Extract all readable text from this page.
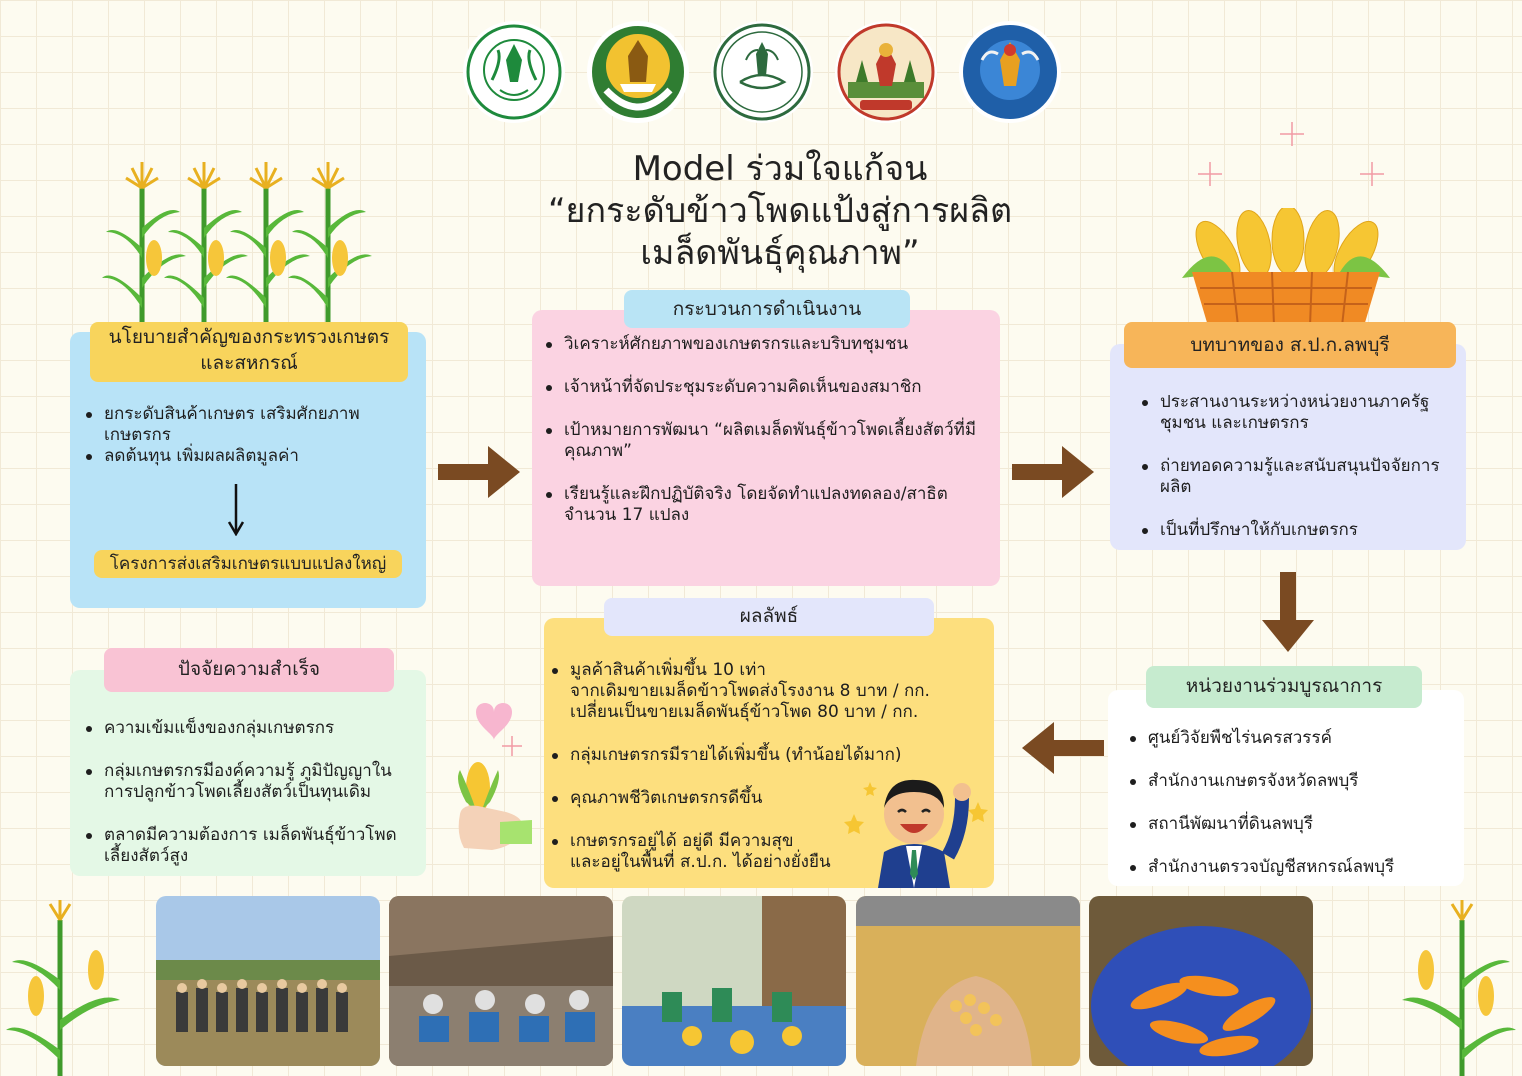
Model ร่วมใจแก้จน
“ยกระดับข้าวโพดแป้งสู่การผลิต
เมล็ดพันธุ์คุณภาพ”
นโยบายสำคัญของกระทรวงเกษตร
และสหกรณ์
ยกระดับสินค้าเกษตร เสริมศักยภาพเกษตรกร
ลดต้นทุน เพิ่มผลผลิตมูลค่า
โครงการส่งเสริมเกษตรแบบแปลงใหญ่
กระบวนการดำเนินงาน
วิเคราะห์ศักยภาพของเกษตรกรและบริบทชุมชน
เจ้าหน้าที่จัดประชุมระดับความคิดเห็นของสมาชิก
เป้าหมายการพัฒนา “ผลิตเมล็ดพันธุ์ข้าวโพดเลี้ยงสัตว์ที่มีคุณภาพ”
เรียนรู้และฝึกปฏิบัติจริง โดยจัดทำแปลงทดลอง/สาธิต จำนวน 17 แปลง
บทบาทของ ส.ป.ก.ลพบุรี
ประสานงานระหว่างหน่วยงานภาครัฐ ชุมชน และเกษตรกร
ถ่ายทอดความรู้และสนับสนุนปัจจัยการผลิต
เป็นที่ปรึกษาให้กับเกษตรกร
หน่วยงานร่วมบูรณาการ
ศูนย์วิจัยพืชไร่นครสวรรค์
สำนักงานเกษตรจังหวัดลพบุรี
สถานีพัฒนาที่ดินลพบุรี
สำนักงานตรวจบัญชีสหกรณ์ลพบุรี
ผลลัพธ์
มูลค้าสินค้าเพิ่มขึ้น 10 เท่า
จากเดิมขายเมล็ดข้าวโพดส่งโรงงาน 8 บาท / กก.
เปลี่ยนเป็นขายเมล็ดพันธุ์ข้าวโพด 80 บาท / กก.
กลุ่มเกษตรกรมีรายได้เพิ่มขึ้น (ทำน้อยได้มาก)
คุณภาพชีวิตเกษตรกรดีขึ้น
เกษตรกรอยู่ได้ อยู่ดี มีความสุข
และอยู่ในพื้นที่ ส.ป.ก. ได้อย่างยั่งยืน
ปัจจัยความสำเร็จ
ความเข้มแข็งของกลุ่มเกษตรกร
กลุ่มเกษตรกรมีองค์ความรู้ ภูมิปัญญาในการปลูกข้าวโพดเลี้ยงสัตว์เป็นทุนเดิม
ตลาดมีความต้องการ เมล็ดพันธุ์ข้าวโพดเลี้ยงสัตว์สูง
